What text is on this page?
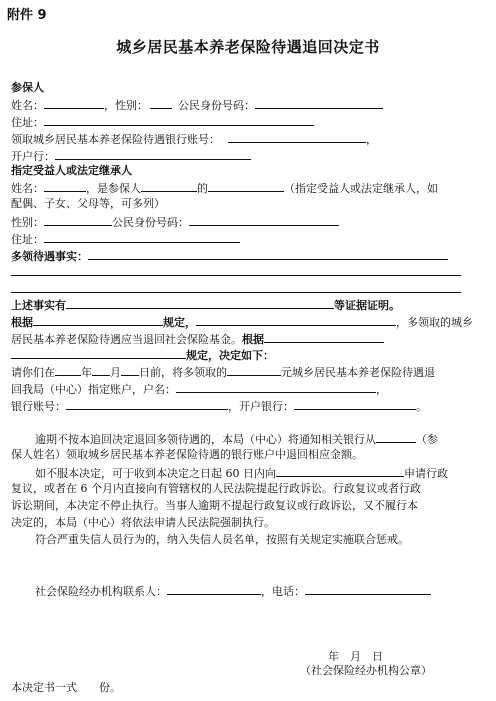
附件 9
城乡居民基本养老保险待遇追回决定书
参保人
姓名：	，性别：	公民身份号码：
住址：
领取城乡居民基本养老保险待遇银行账号：	，
开户行：
指定受益人或法定继承人
姓名：	，是参保人	的	（指定受益人或法定继承人，如
配偶、子女、父母等，可多列）
性别：	公民身份号码：
住址：
多领待遇事实：
上述事实有	等证据证明。
根据	规定，	，多领取的城乡
居民基本养老保险待遇应当退回社会保险基金。根据
规定，决定如下：
请你们在 年 月 日前，将多领取的	元城乡居民基本养老保险待遇退
回我局（中心）指定账户，户名：	，
银行账号：	，开户银行：	。
逾期不按本追回决定退回多领待遇的，本局（中心）将通知相关银行从	（参
保人姓名）领取城乡居民基本养老保险待遇的银行账户中退回相应金额。
如不服本决定，可于收到本决定之日起 60 日内向	申请行政
复议，或者在 6 个月内直接向有管辖权的人民法院提起行政诉讼。行政复议或者行政
诉讼期间，本决定不停止执行。当事人逾期不提起行政复议或行政诉讼，又不履行本
决定的，本局（中心）将依法申请人民法院强制执行。
符合严重失信人员行为的，纳入失信人员名单，按照有关规定实施联合惩戒。
社会保险经办机构联系人：	，电话：
年　月　日
（社会保险经办机构公章）
本决定书一式　　份。
